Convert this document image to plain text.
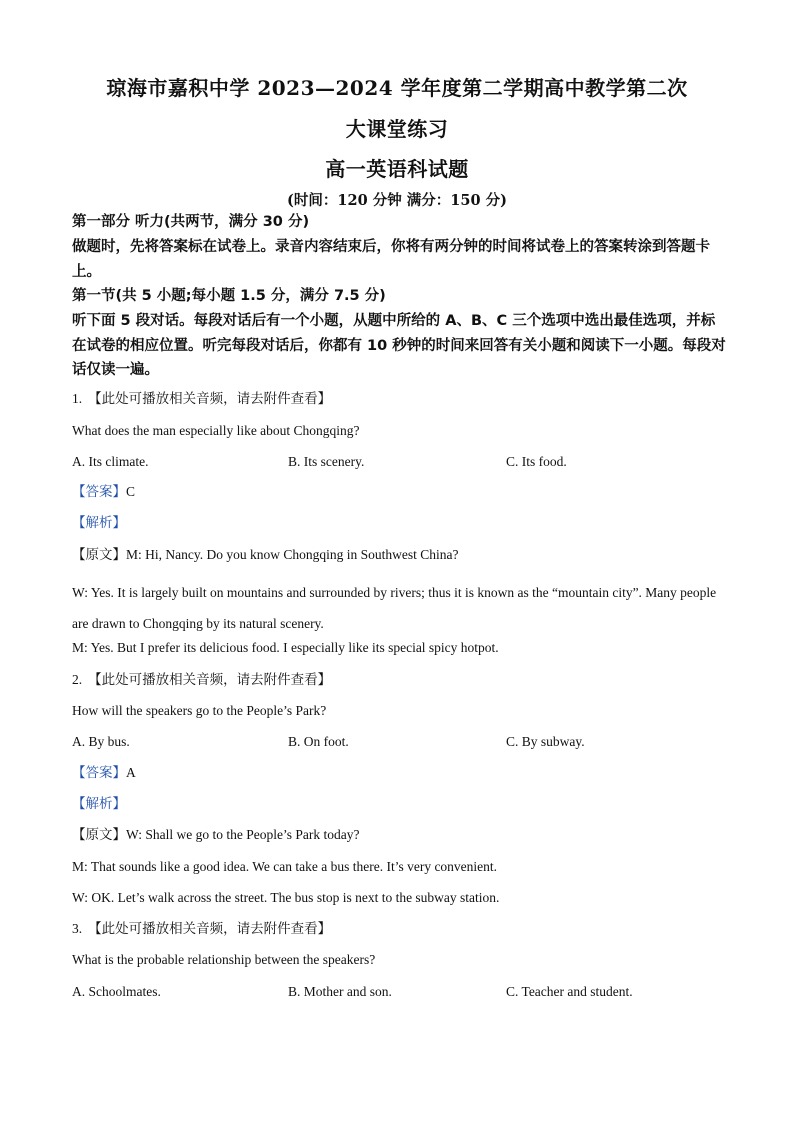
琼海市嘉积中学 2023—2024 学年度第二学期高中教学第二次
大课堂练习
高一英语科试题
(时间：120 分钟 满分：150 分)
第一部分 听力(共两节，满分 30 分)
做题时，先将答案标在试卷上。录音内容结束后，你将有两分钟的时间将试卷上的答案转涂到答题卡上。
第一节(共 5 小题;每小题 1.5 分，满分 7.5 分)
听下面 5 段对话。每段对话后有一个小题，从题中所给的 A、B、C 三个选项中选出最佳选项，并标在试卷的相应位置。听完每段对话后，你都有 10 秒钟的时间来回答有关小题和阅读下一小题。每段对话仅读一遍。
1. 【此处可播放相关音频，请去附件查看】
What does the man especially like about Chongqing?
A. Its climate.	B. Its scenery.	C. Its food.
【答案】C
【解析】
【原文】M: Hi, Nancy. Do you know Chongqing in Southwest China?
W: Yes. It is largely built on mountains and surrounded by rivers; thus it is known as the “mountain city”. Many people are drawn to Chongqing by its natural scenery.
M: Yes. But I prefer its delicious food. I especially like its special spicy hotpot.
2. 【此处可播放相关音频，请去附件查看】
How will the speakers go to the People’s Park?
A. By bus.	B. On foot.	C. By subway.
【答案】A
【解析】
【原文】W: Shall we go to the People’s Park today?
M: That sounds like a good idea. We can take a bus there. It’s very convenient.
W: OK. Let’s walk across the street. The bus stop is next to the subway station.
3. 【此处可播放相关音频，请去附件查看】
What is the probable relationship between the speakers?
A. Schoolmates.	B. Mother and son.	C. Teacher and student.
